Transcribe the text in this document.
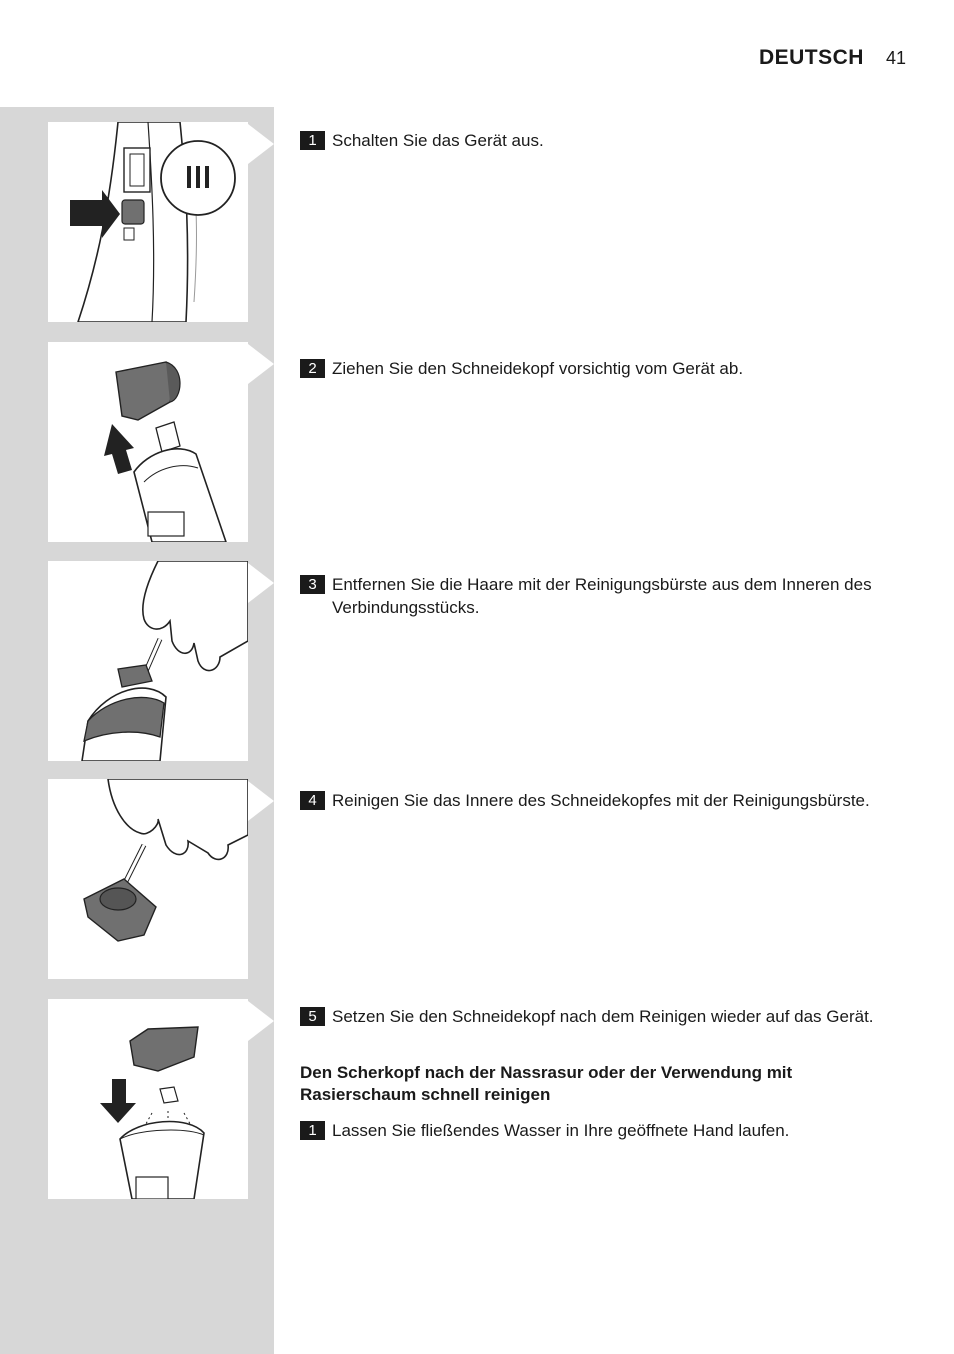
DEUTSCH 41
1 Schalten Sie das Gerät aus.
2 Ziehen Sie den Schneidekopf vorsichtig vom Gerät ab.
3 Entfernen Sie die Haare mit der Reinigungsbürste aus dem Inneren des Verbindungsstücks.
4 Reinigen Sie das Innere des Schneidekopfes mit der Reinigungsbürste.
5 Setzen Sie den Schneidekopf nach dem Reinigen wieder auf das Gerät.
Den Scherkopf nach der Nassrasur oder der Verwendung mit Rasierschaum schnell reinigen
1 Lassen Sie fließendes Wasser in Ihre geöffnete Hand laufen.
